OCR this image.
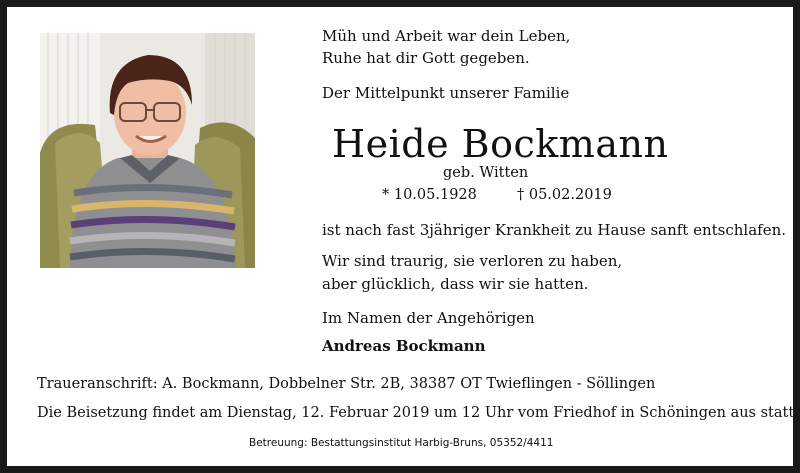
Müh und Arbeit war dein Leben,
Ruhe hat dir Gott gegeben.
Der Mittelpunkt unserer Familie
Heide Bockmann
geb. Witten
* 10.05.1928	† 05.02.2019
ist nach fast 3jähriger Krankheit zu Hause sanft entschlafen.
Wir sind traurig, sie verloren zu haben,
aber glücklich, dass wir sie hatten.
Im Namen der Angehörigen
Andreas Bockmann
Traueranschrift: A. Bockmann, Dobbelner Str. 2B, 38387 OT Twieflingen - Söllingen
Die Beisetzung findet am Dienstag, 12. Februar 2019 um 12 Uhr vom Friedhof in Schöningen aus statt.
Betreuung: Bestattungsinstitut Harbig-Bruns, 05352/4411
